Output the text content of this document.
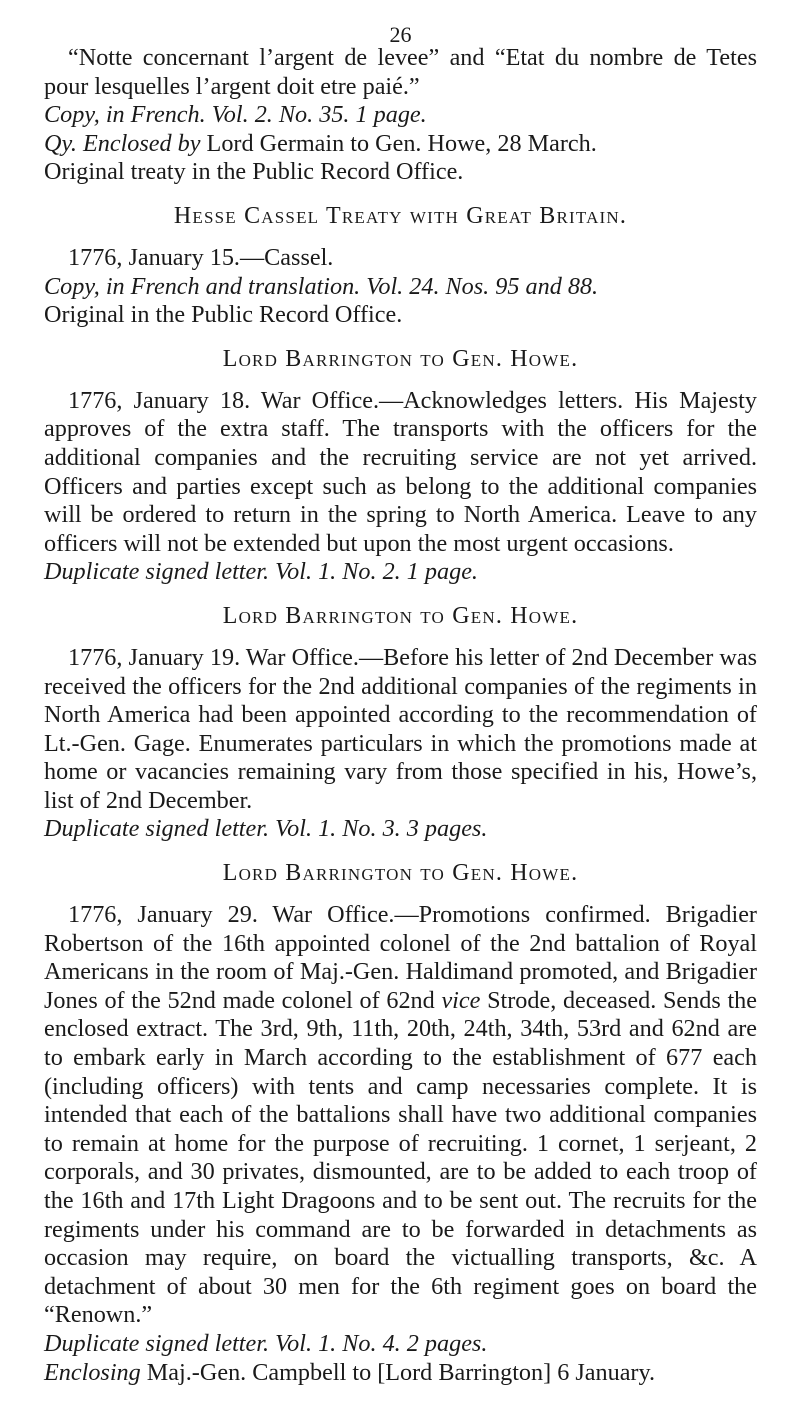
26

“Notte concernant l’argent de levee” and “Etat du nombre de Tetes pour lesquelles l’argent doit etre paié.”

Copy, in French. Vol. 2. No. 35. 1 page.
Qy. Enclosed by Lord Germain to Gen. Howe, 28 March.
Original treaty in the Public Record Office.
Hesse Cassel Treaty with Great Britain.

1776, January 15.—Cassel.

Copy, in French and translation. Vol. 24. Nos. 95 and 88.
Original in the Public Record Office.
Lord Barrington to Gen. Howe.

1776, January 18. War Office.—Acknowledges letters. His Majesty approves of the extra staff. The transports with the officers for the additional companies and the recruiting service are not yet arrived. Officers and parties except such as belong to the additional companies will be ordered to return in the spring to North America. Leave to any officers will not be extended but upon the most urgent occasions.

Duplicate signed letter. Vol. 1. No. 2. 1 page.
Lord Barrington to Gen. Howe.

1776, January 19. War Office.—Before his letter of 2nd December was received the officers for the 2nd additional companies of the regiments in North America had been appointed according to the recommendation of Lt.-Gen. Gage. Enumerates particulars in which the promotions made at home or vacancies remaining vary from those specified in his, Howe’s, list of 2nd December.

Duplicate signed letter. Vol. 1. No. 3. 3 pages.
Lord Barrington to Gen. Howe.

1776, January 29. War Office.—Promotions confirmed. Brigadier Robertson of the 16th appointed colonel of the 2nd battalion of Royal Americans in the room of Maj.-Gen. Haldimand promoted, and Brigadier Jones of the 52nd made colonel of 62nd vice Strode, deceased. Sends the enclosed extract. The 3rd, 9th, 11th, 20th, 24th, 34th, 53rd and 62nd are to embark early in March according to the establishment of 677 each (including officers) with tents and camp necessaries complete. It is intended that each of the battalions shall have two additional companies to remain at home for the purpose of recruiting. 1 cornet, 1 serjeant, 2 corporals, and 30 privates, dismounted, are to be added to each troop of the 16th and 17th Light Dragoons and to be sent out. The recruits for the regiments under his command are to be forwarded in detachments as occasion may require, on board the victualling transports, &c. A detachment of about 30 men for the 6th regiment goes on board the “Renown.”

Duplicate signed letter. Vol. 1. No. 4. 2 pages.
Enclosing Maj.-Gen. Campbell to [Lord Barrington] 6 January.
